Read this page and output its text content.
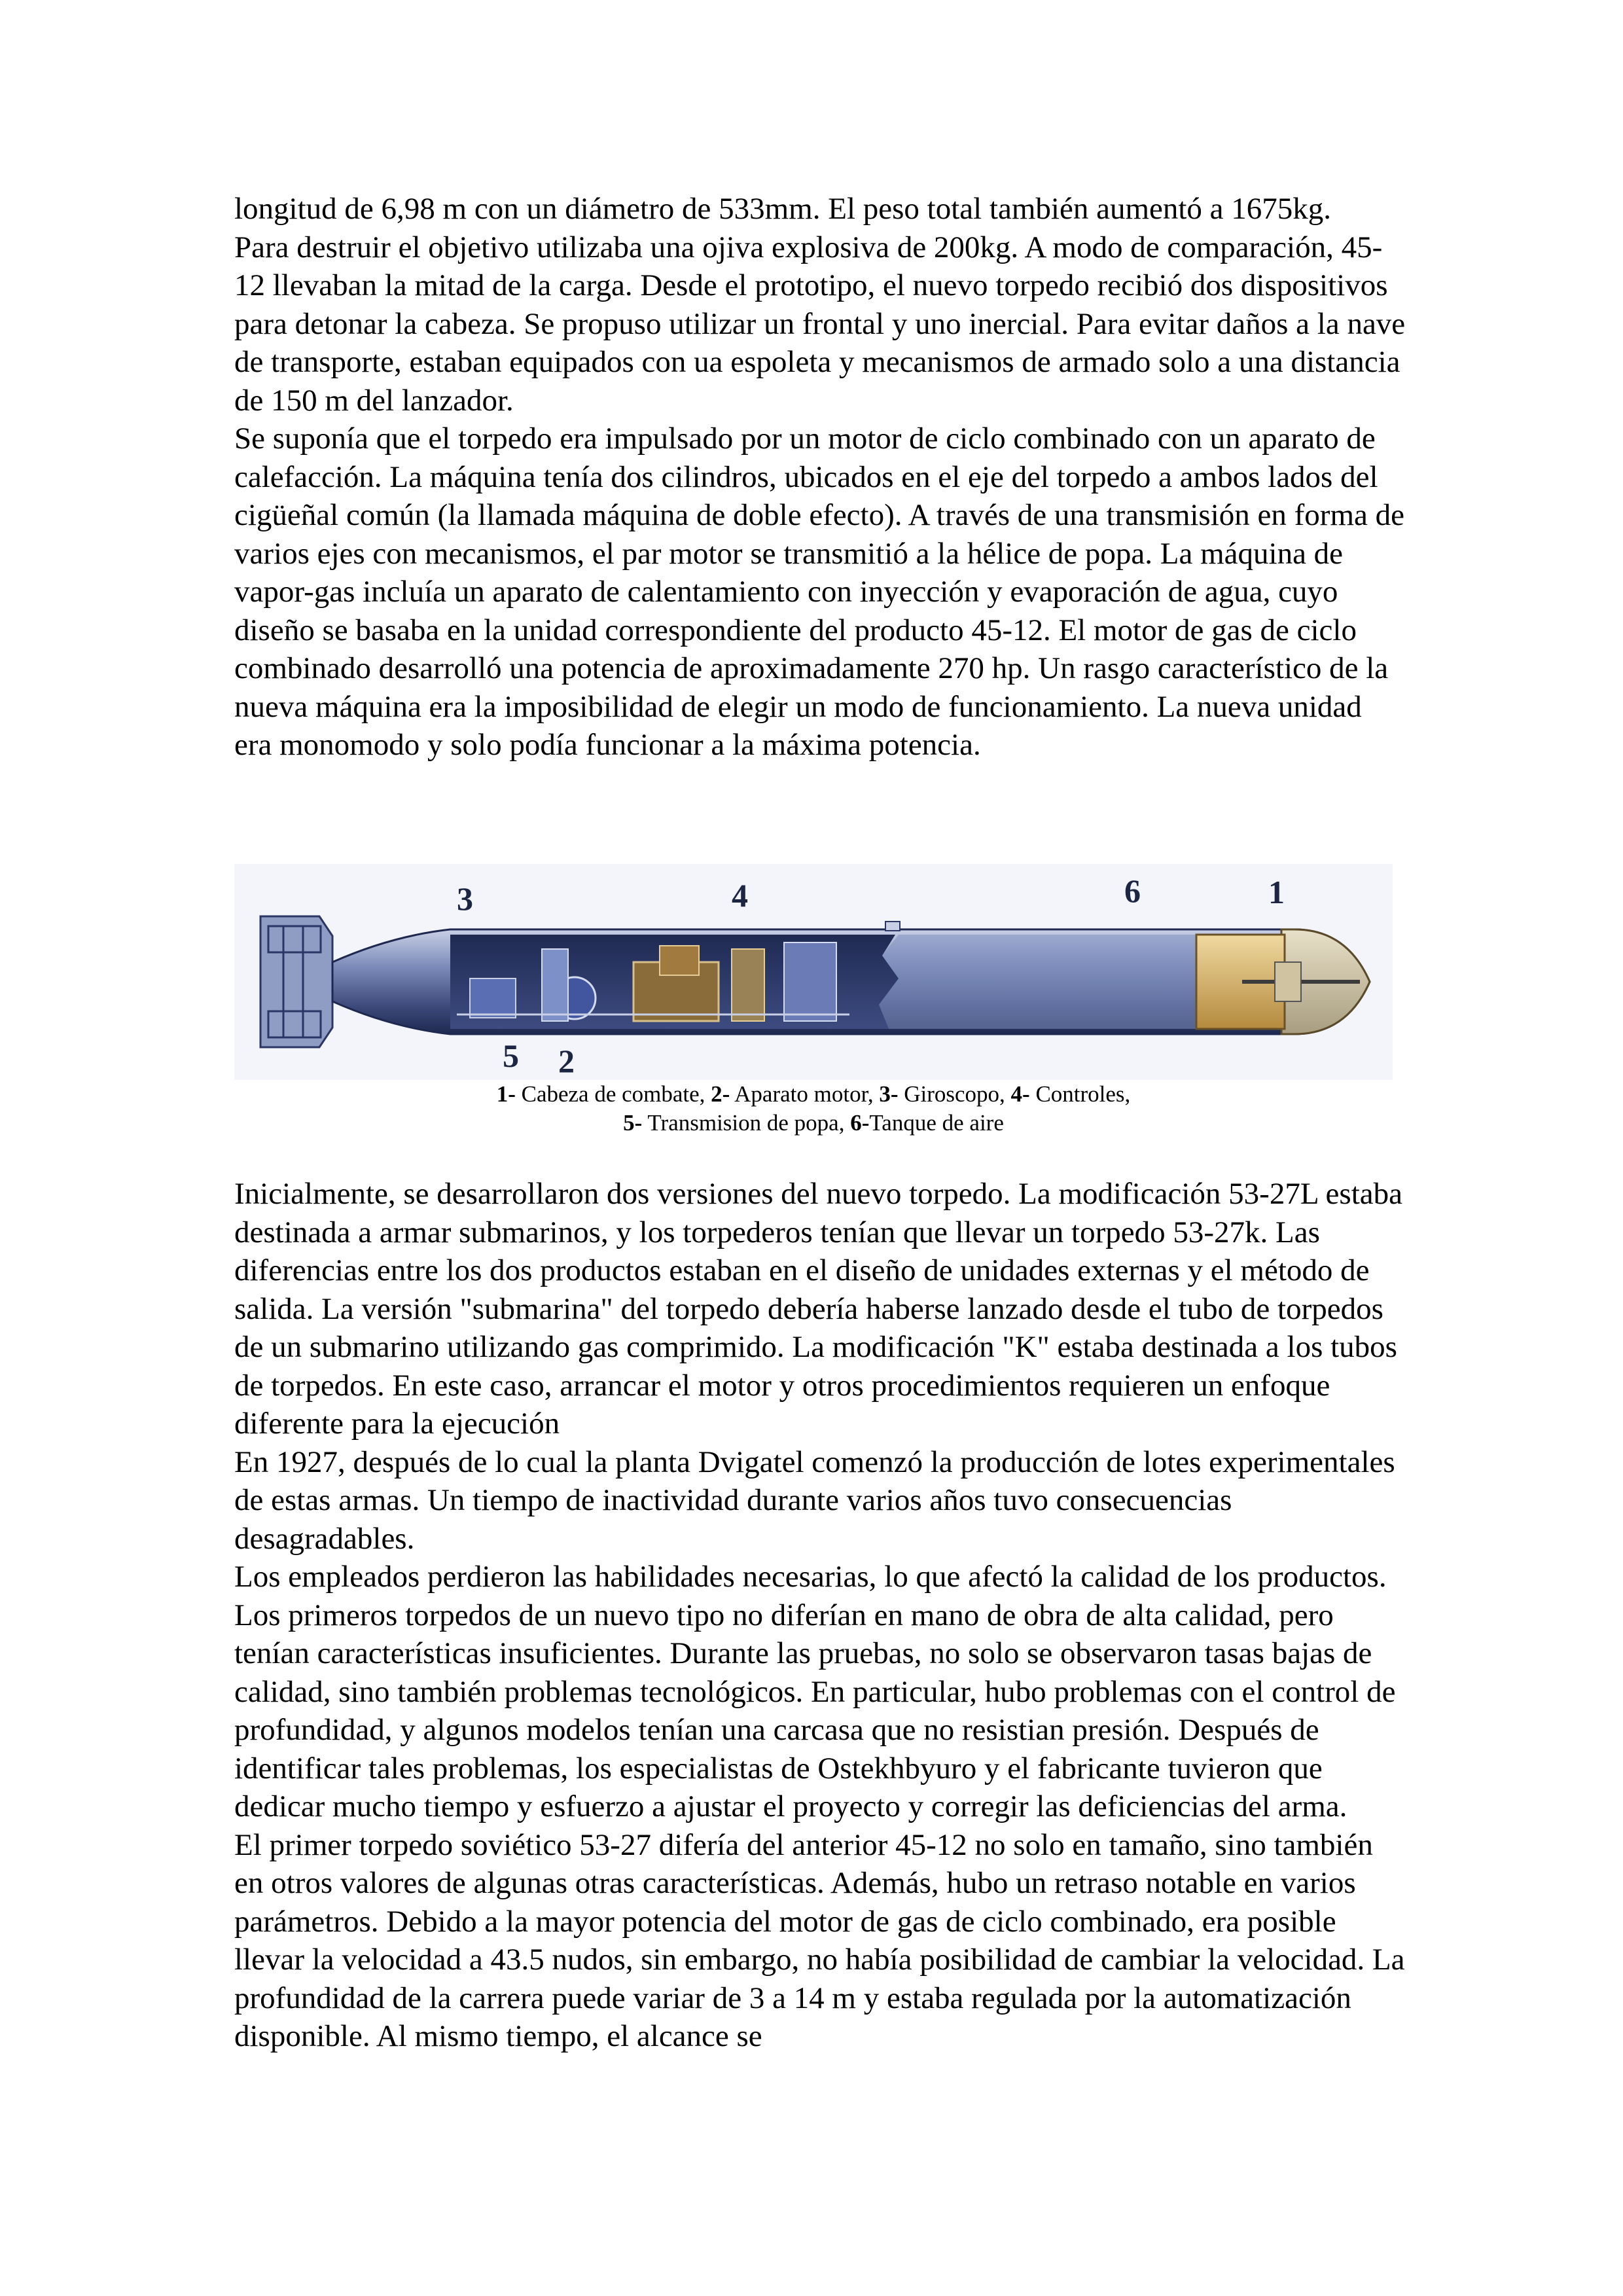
longitud de 6,98 m con un diámetro de 533mm. El peso total también aumentó a 1675kg.

Para destruir el objetivo utilizaba una ojiva explosiva de 200kg. A modo de comparación, 45-12 llevaban la mitad de la carga. Desde el prototipo, el nuevo torpedo recibió dos dispositivos para detonar la cabeza. Se propuso utilizar un frontal y uno inercial. Para evitar daños a la nave de transporte, estaban equipados con ua espoleta y mecanismos de armado solo a una distancia de 150 m del lanzador.

Se suponía que el torpedo era impulsado por un motor de ciclo combinado con un aparato de calefacción. La máquina tenía dos cilindros, ubicados en el eje del torpedo a ambos lados del cigüeñal común (la llamada máquina de doble efecto). A través de una transmisión en forma de varios ejes con mecanismos, el par motor se transmitió a la hélice de popa. La máquina de vapor-gas incluía un aparato de calentamiento con inyección y evaporación de agua, cuyo diseño se basaba en la unidad correspondiente del producto 45-12. El motor de gas de ciclo combinado desarrolló una potencia de aproximadamente 270 hp. Un rasgo característico de la nueva máquina era la imposibilidad de elegir un modo de funcionamiento. La nueva unidad era monomodo y solo podía funcionar a la máxima potencia.

3	4	6	1
5 2
1- Cabeza de combate, 2- Aparato motor, 3- Giroscopo, 4- Controles,
5- Transmision de popa, 6-Tanque de aire

Inicialmente, se desarrollaron dos versiones del nuevo torpedo. La modificación 53-27L estaba destinada a armar submarinos, y los torpederos tenían que llevar un torpedo 53-27k. Las diferencias entre los dos productos estaban en el diseño de unidades externas y el método de salida. La versión "submarina" del torpedo debería haberse lanzado desde el tubo de torpedos de un submarino utilizando gas comprimido. La modificación "K" estaba destinada a los tubos de torpedos. En este caso, arrancar el motor y otros procedimientos requieren un enfoque diferente para la ejecución

En 1927, después de lo cual la planta Dvigatel comenzó la producción de lotes experimentales de estas armas. Un tiempo de inactividad durante varios años tuvo consecuencias desagradables.

Los empleados perdieron las habilidades necesarias, lo que afectó la calidad de los productos. Los primeros torpedos de un nuevo tipo no diferían en mano de obra de alta calidad, pero tenían características insuficientes. Durante las pruebas, no solo se observaron tasas bajas de calidad, sino también problemas tecnológicos. En particular, hubo problemas con el control de profundidad, y algunos modelos tenían una carcasa que no resistian presión. Después de identificar tales problemas, los especialistas de Ostekhbyuro y el fabricante tuvieron que dedicar mucho tiempo y esfuerzo a ajustar el proyecto y corregir las deficiencias del arma.

El primer torpedo soviético 53-27 difería del anterior 45-12 no solo en tamaño, sino también en otros valores de algunas otras características. Además, hubo un retraso notable en varios parámetros. Debido a la mayor potencia del motor de gas de ciclo combinado, era posible llevar la velocidad a 43.5 nudos, sin embargo, no había posibilidad de cambiar la velocidad. La profundidad de la carrera puede variar de 3 a 14 m y estaba regulada por la automatización disponible. Al mismo tiempo, el alcance se
